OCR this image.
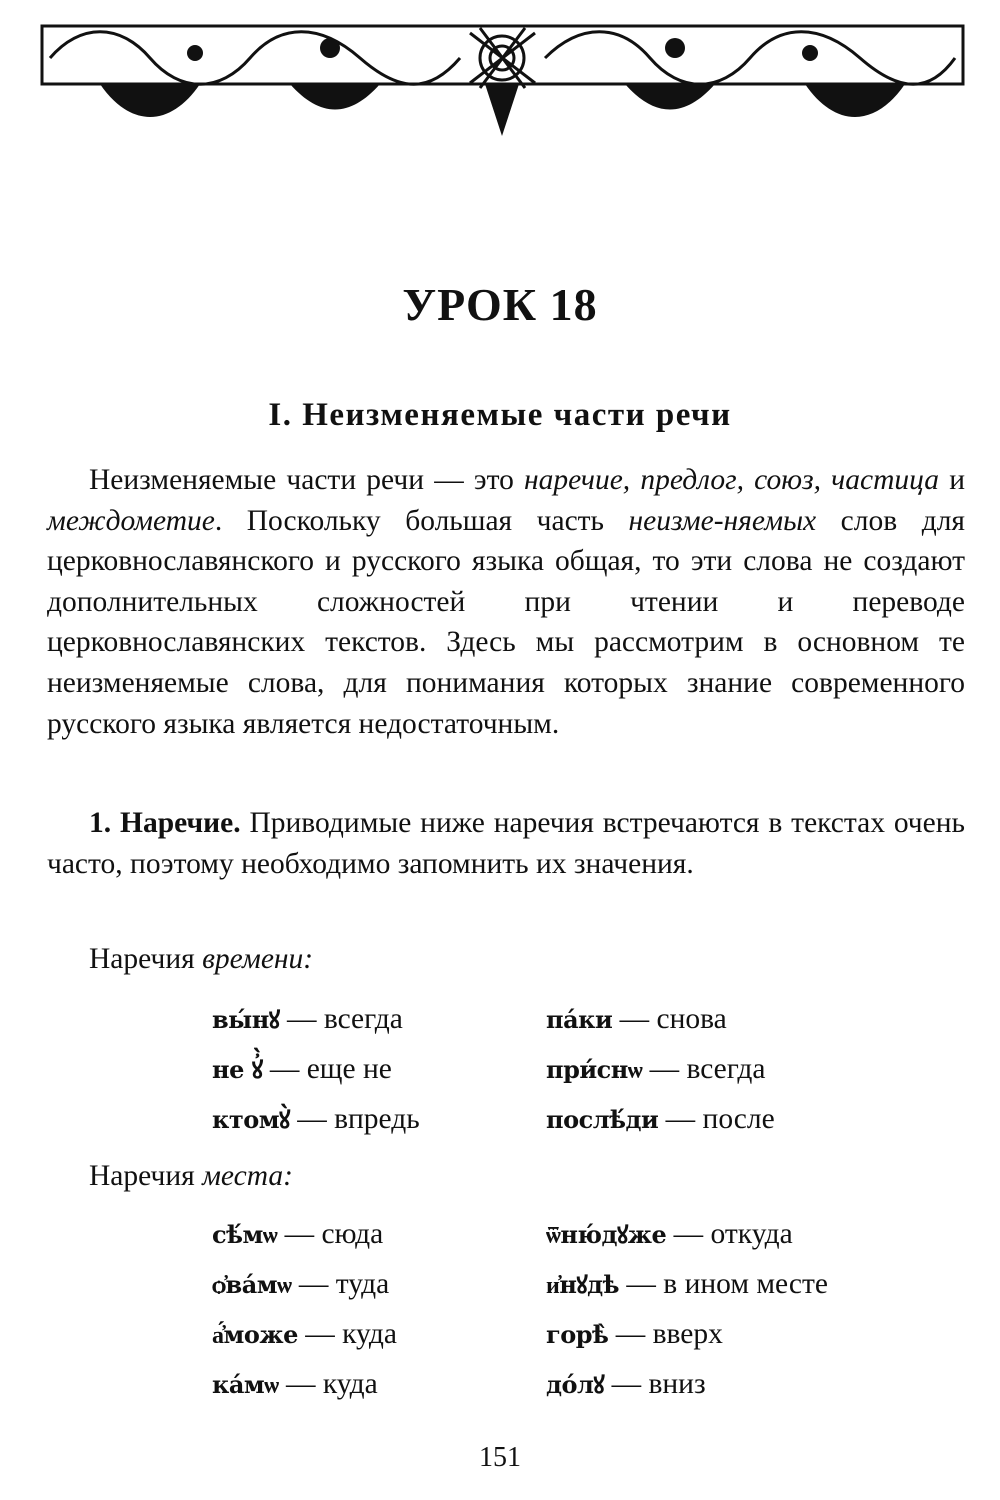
УРОК 18
I. Неизменяемые части речи
Неизменяемые части речи — это наречие, предлог, союз, частица и междометие. Поскольку большая часть неизме-няемых слов для церковнославянского и русского языка общая, то эти слова не создают дополнительных сложностей при чтении и переводе церковнославянских текстов. Здесь мы рассмотрим в основном те неизменяемые слова, для понимания которых знание современного русского языка является недостаточным.
1. Наречие. Приводимые ниже наречия встречаются в текстах очень часто, поэтому необходимо запомнить их значения.
Наречия времени:
вы́нꙋ — всегда
не ꙋ҆̀ — еще не
ктомꙋ̀ — впредь
па́ки — снова
при́снѡ — всегда
послѣ́ди — после
Наречия места:
сѣ́мѡ — сюда
ѻ҆ва́мѡ — туда
а҆́може — куда
ка́мѡ — куда
ѿню́дꙋже — откуда
и҆нꙋдѣ — в ином месте
горѣ̀ — вверх
до́лꙋ — вниз
151
